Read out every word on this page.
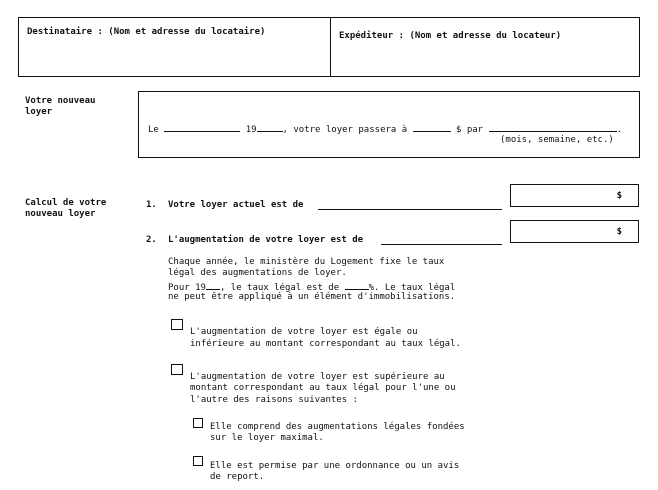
Destinataire : (Nom et adresse du locataire)	Expéditeur : (Nom et adresse du locateur)
Votre nouveau
loyer
Le	19	, votre loyer passera à	$ par	.
(mois, semaine, etc.)
Calcul de votre
nouveau loyer
1. Votre loyer actuel est de
$
2. L'augmentation de votre loyer est de
$
Chaque année, le ministère du Logement fixe le taux
légal des augmentations de loyer.
Pour 19 , le taux légal est de	%. Le taux légal
ne peut être appliqué à un élément d'immobilisations.
L'augmentation de votre loyer est égale ou
inférieure au montant correspondant au taux légal.
L'augmentation de votre loyer est supérieure au
montant correspondant au taux légal pour l'une ou
l'autre des raisons suivantes :
Elle comprend des augmentations légales fondées
sur le loyer maximal.
Elle est permise par une ordonnance ou un avis
de report.
